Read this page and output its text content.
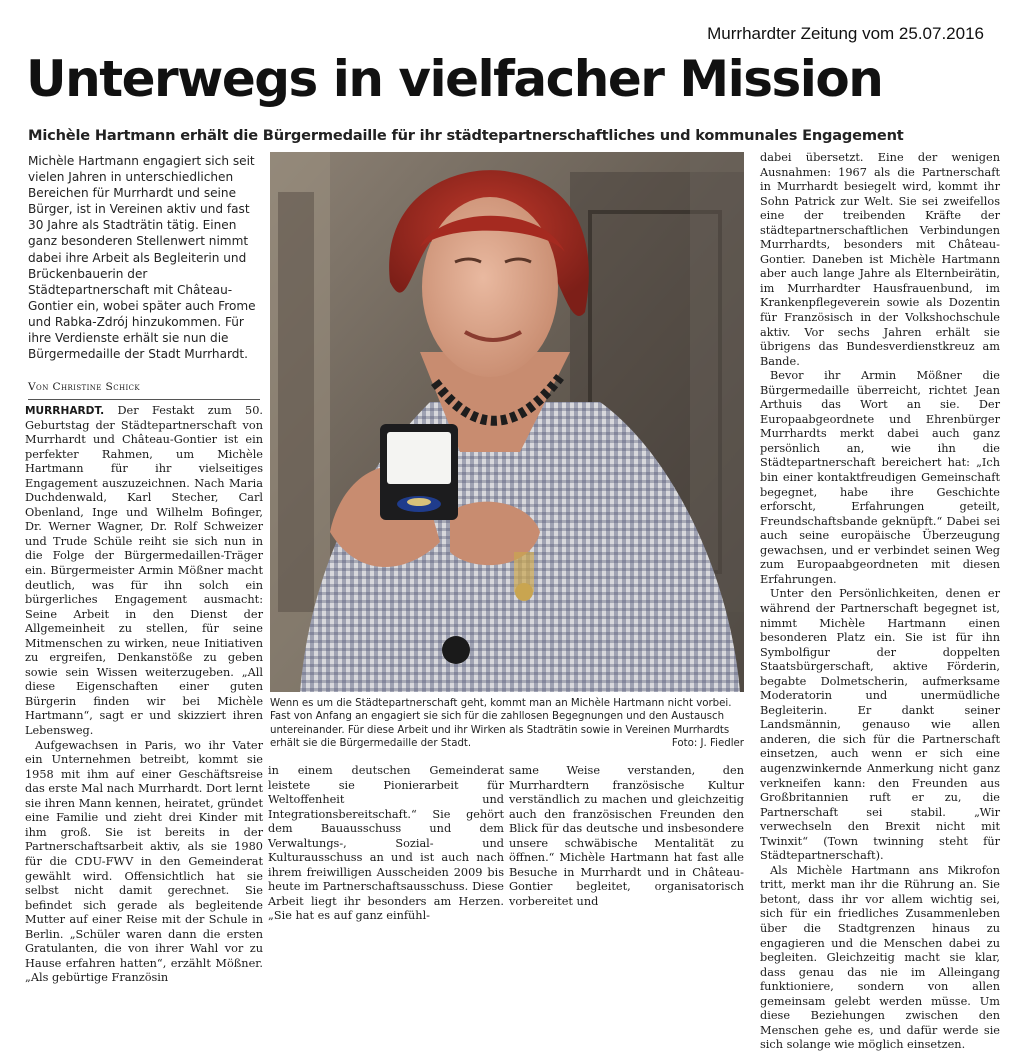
Murrhardter Zeitung vom 25.07.2016
Unterwegs in vielfacher Mission
Michèle Hartmann erhält die Bürgermedaille für ihr städtepartnerschaftliches und kommunales Engagement

Michèle Hartmann engagiert sich seit vielen Jahren in unterschiedlichen Bereichen für Murrhardt und seine Bürger, ist in Vereinen aktiv und fast 30 Jahre als Stadträtin tätig. Einen ganz besonderen Stellenwert nimmt dabei ihre Arbeit als Begleiterin und Brückenbauerin der Städtepartnerschaft mit Château-Gontier ein, wobei später auch Frome und Rabka-Zdrój hinzukommen. Für ihre Verdienste erhält sie nun die Bürgermedaille der Stadt Murrhardt.

Von Christine Schick

MURRHARDT. Der Festakt zum 50. Geburtstag der Städtepartnerschaft von Murrhardt und Château-Gontier ist ein perfekter Rahmen, um Michèle Hartmann für ihr vielseitiges Engagement auszuzeichnen. Nach Maria Duchdenwald, Karl Stecher, Carl Obenland, Inge und Wilhelm Bofinger, Dr. Werner Wagner, Dr. Rolf Schweizer und Trude Schüle reiht sie sich nun in die Folge der Bürgermedaillen-Träger ein. Bürgermeister Armin Mößner macht deutlich, was für ihn solch ein bürgerliches Engagement ausmacht: Seine Arbeit in den Dienst der Allgemeinheit zu stellen, für seine Mitmenschen zu wirken, neue Initiativen zu ergreifen, Denkanstöße zu geben sowie sein Wissen weiterzugeben. „All diese Eigenschaften einer guten Bürgerin finden wir bei Michèle Hartmann“, sagt er und skizziert ihren Lebensweg.

Aufgewachsen in Paris, wo ihr Vater ein Unternehmen betreibt, kommt sie 1958 mit ihm auf einer Geschäftsreise das erste Mal nach Murrhardt. Dort lernt sie ihren Mann kennen, heiratet, gründet eine Familie und zieht drei Kinder mit ihm groß. Sie ist bereits in der Partnerschaftsarbeit aktiv, als sie 1980 für die CDU-FWV in den Gemeinderat gewählt wird. Offensichtlich hat sie selbst nicht damit gerechnet. Sie befindet sich gerade als begleitende Mutter auf einer Reise mit der Schule in Berlin. „Schüler waren dann die ersten Gratulanten, die von ihrer Wahl vor zu Hause erfahren hatten“, erzählt Mößner. „Als gebürtige Französin

Wenn es um die Städtepartnerschaft geht, kommt man an Michèle Hartmann nicht vorbei. Fast von Anfang an engagiert sie sich für die zahllosen Begegnungen und den Austausch untereinander. Für diese Arbeit und ihr Wirken als Stadträtin sowie in Vereinen Murrhardts erhält sie die Bürgermedaille der Stadt.	Foto: J. Fiedler

in einem deutschen Gemeinderat leistete sie Pionierarbeit für Weltoffenheit und Integrationsbereitschaft.“ Sie gehört dem Bauausschuss und dem Verwaltungs-, Sozial- und Kulturausschuss an und ist auch nach ihrem freiwilligen Ausscheiden 2009 bis heute im Partnerschaftsausschuss. Diese Arbeit liegt ihr besonders am Herzen. „Sie hat es auf ganz einfühl-

same Weise verstanden, den Murrhardtern französische Kultur verständlich zu machen und gleichzeitig auch den französischen Freunden den Blick für das deutsche und insbesondere unsere schwäbische Mentalität zu öffnen.“ Michèle Hartmann hat fast alle Besuche in Murrhardt und in Château-Gontier begleitet, organisatorisch vorbereitet und

dabei übersetzt. Eine der wenigen Ausnahmen: 1967 als die Partnerschaft in Murrhardt besiegelt wird, kommt ihr Sohn Patrick zur Welt. Sie sei zweifellos eine der treibenden Kräfte der städtepartnerschaftlichen Verbindungen Murrhardts, besonders mit Château-Gontier. Daneben ist Michèle Hartmann aber auch lange Jahre als Elternbeirätin, im Murrhardter Hausfrauenbund, im Krankenpflegeverein sowie als Dozentin für Französisch in der Volkshochschule aktiv. Vor sechs Jahren erhält sie übrigens das Bundesverdienstkreuz am Bande.

Bevor ihr Armin Mößner die Bürgermedaille überreicht, richtet Jean Arthuis das Wort an sie. Der Europaabgeordnete und Ehrenbürger Murrhardts merkt dabei auch ganz persönlich an, wie ihn die Städtepartnerschaft bereichert hat: „Ich bin einer kontaktfreudigen Gemeinschaft begegnet, habe ihre Geschichte erforscht, Erfahrungen geteilt, Freundschaftsbande geknüpft.“ Dabei sei auch seine europäische Überzeugung gewachsen, und er verbindet seinen Weg zum Europaabgeordneten mit diesen Erfahrungen.

Unter den Persönlichkeiten, denen er während der Partnerschaft begegnet ist, nimmt Michèle Hartmann einen besonderen Platz ein. Sie ist für ihn Symbolfigur der doppelten Staatsbürgerschaft, aktive Förderin, begabte Dolmetscherin, aufmerksame Moderatorin und unermüdliche Begleiterin. Er dankt seiner Landsmännin, genauso wie allen anderen, die sich für die Partnerschaft einsetzen, auch wenn er sich eine augenzwinkernde Anmerkung nicht ganz verkneifen kann: den Freunden aus Großbritannien ruft er zu, die Partnerschaft sei stabil. „Wir verwechseln den Brexit nicht mit Twinxit“ (Town twinning steht für Städtepartnerschaft).

Als Michèle Hartmann ans Mikrofon tritt, merkt man ihr die Rührung an. Sie betont, dass ihr vor allem wichtig sei, sich für ein friedliches Zusammenleben über die Stadtgrenzen hinaus zu engagieren und die Menschen dabei zu begleiten. Gleichzeitig macht sie klar, dass genau das nie im Alleingang funktioniere, sondern von allen gemeinsam gelebt werden müsse. Um diese Beziehungen zwischen den Menschen gehe es, und dafür werde sie sich solange wie möglich einsetzen.
